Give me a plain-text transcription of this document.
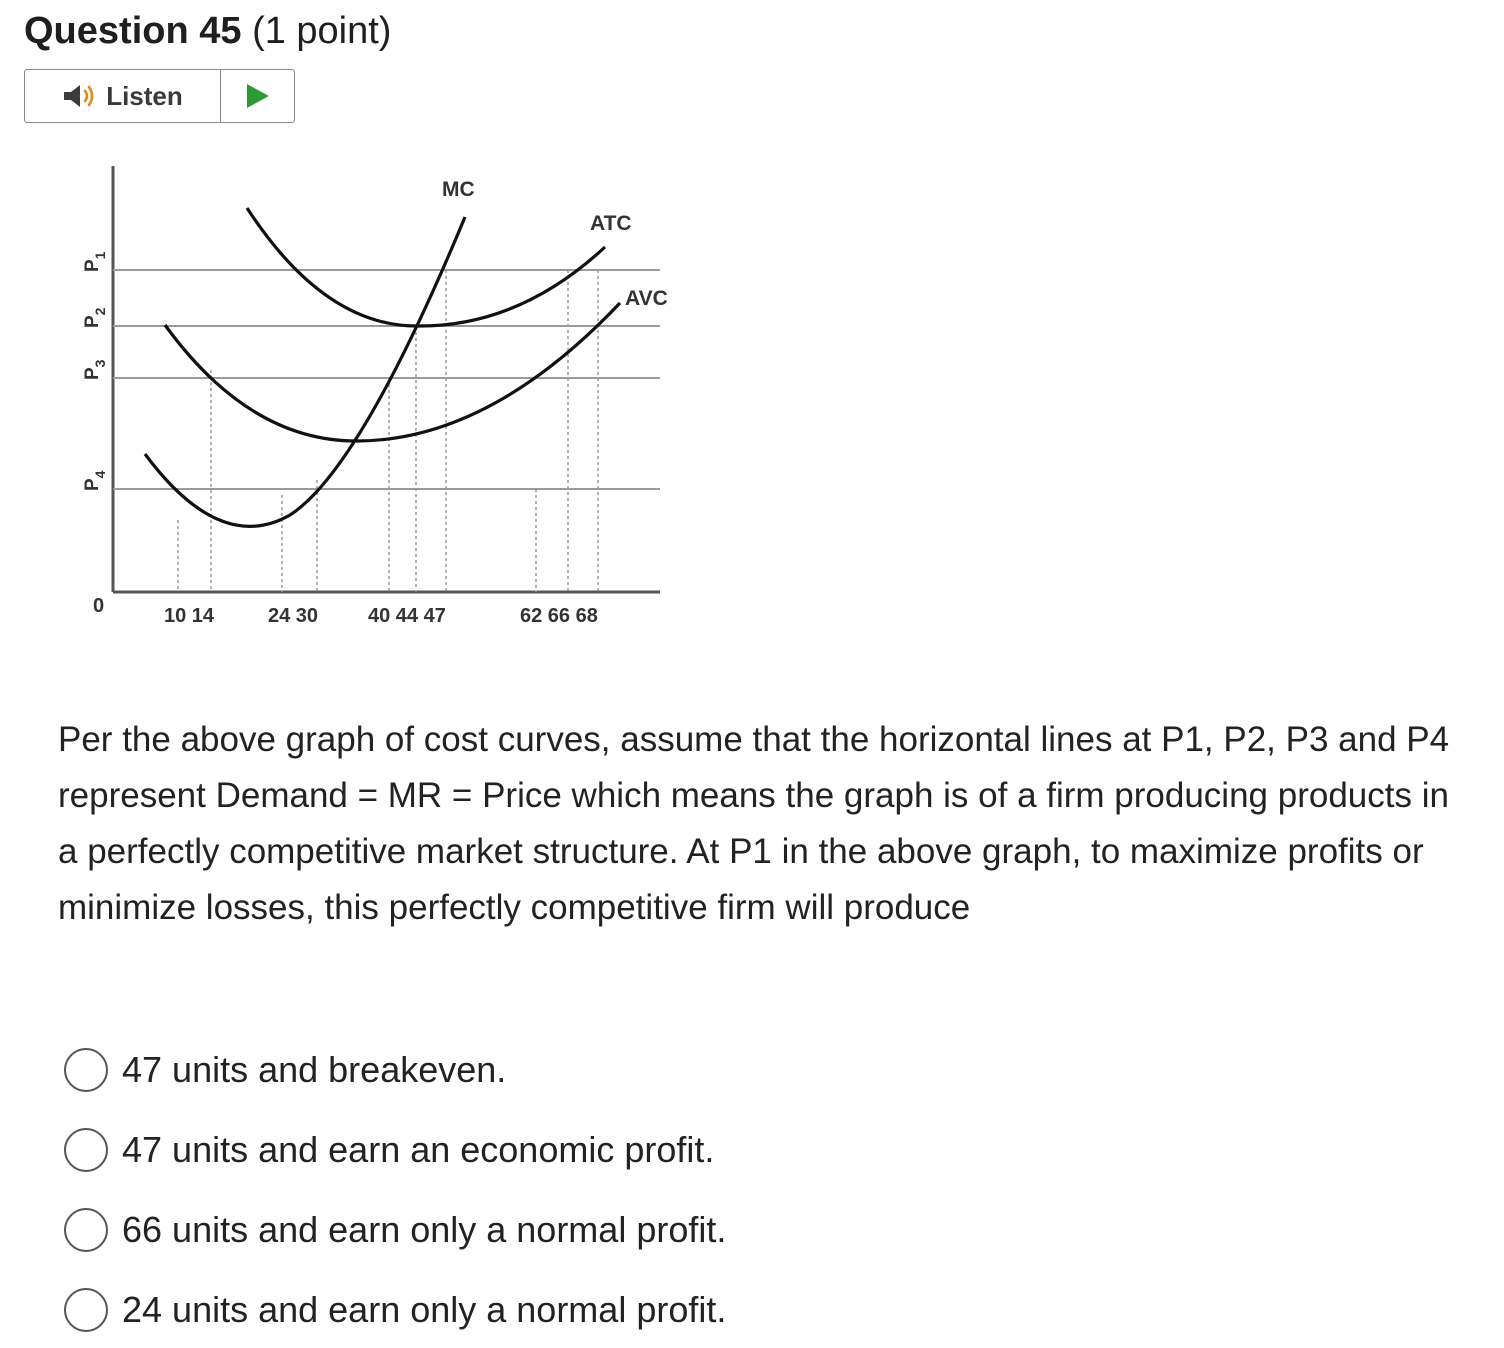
Question 45 (1 point)
Listen
MC
ATC
AVC
$P_1$
$P_2$
$P_3$
$P_4$
0	10 14	24 30 40 44 47	62 66 68
Per the above graph of cost curves, assume that the horizontal lines at P1, P2, P3 and P4 represent Demand = MR = Price which means the graph is of a firm producing products in a perfectly competitive market structure. At P1 in the above graph, to maximize profits or minimize losses, this perfectly competitive firm will produce
47 units and breakeven.
47 units and earn an economic profit.
66 units and earn only a normal profit.
24 units and earn only a normal profit.
